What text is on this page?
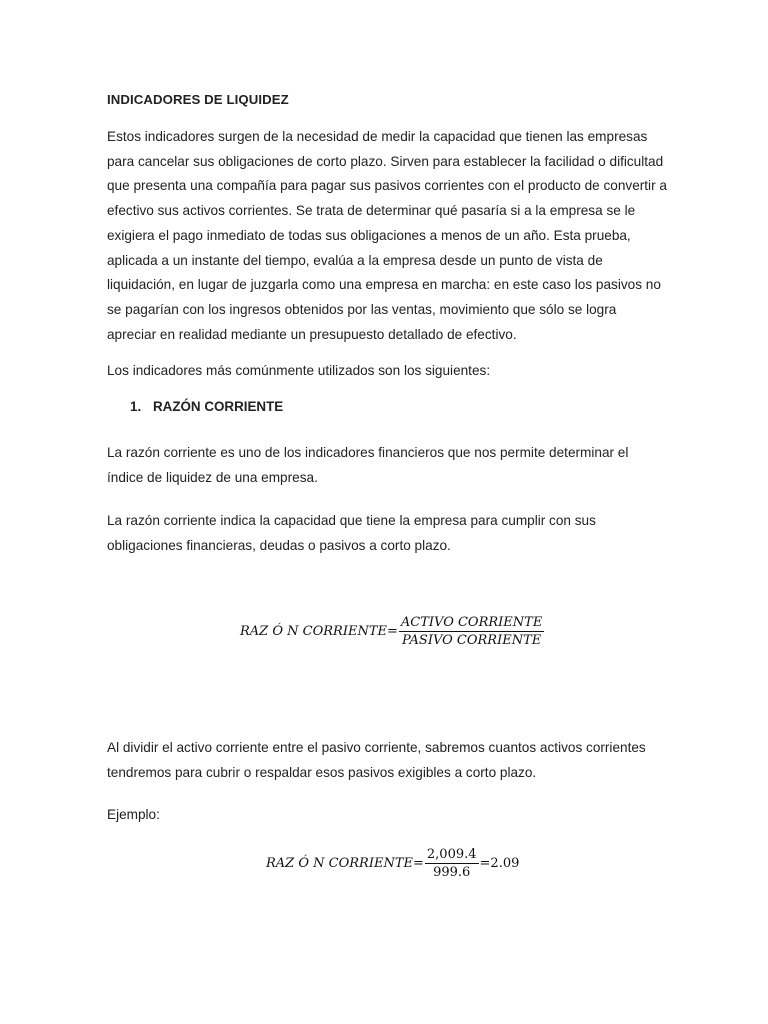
INDICADORES DE LIQUIDEZ

Estos indicadores surgen de la necesidad de medir la capacidad que tienen las empresas para cancelar sus obligaciones de corto plazo. Sirven para establecer la facilidad o dificultad que presenta una compañía para pagar sus pasivos corrientes con el producto de convertir a efectivo sus activos corrientes. Se trata de determinar qué pasaría si a la empresa se le exigiera el pago inmediato de todas sus obligaciones a menos de un año. Esta prueba, aplicada a un instante del tiempo, evalúa a la empresa desde un punto de vista de liquidación, en lugar de juzgarla como una empresa en marcha: en este caso los pasivos no se pagarían con los ingresos obtenidos por las ventas, movimiento que sólo se logra apreciar en realidad mediante un presupuesto detallado de efectivo.

Los indicadores más comúnmente utilizados son los siguientes:

1. RAZÓN CORRIENTE

La razón corriente es uno de los indicadores financieros que nos permite determinar el índice de liquidez de una empresa.

La razón corriente indica la capacidad que tiene la empresa para cumplir con sus obligaciones financieras, deudas o pasivos a corto plazo.

RAZ Ó N CORRIENTE = $\frac{\text{ACTIVO CORRIENTE}}{\text{PASIVO CORRIENTE}}$

Al dividir el activo corriente entre el pasivo corriente, sabremos cuantos activos corrientes tendremos para cubrir o respaldar esos pasivos exigibles a corto plazo.

Ejemplo:

RAZ Ó N CORRIENTE = $\frac{2,009.4}{999.6} = 2.09$
